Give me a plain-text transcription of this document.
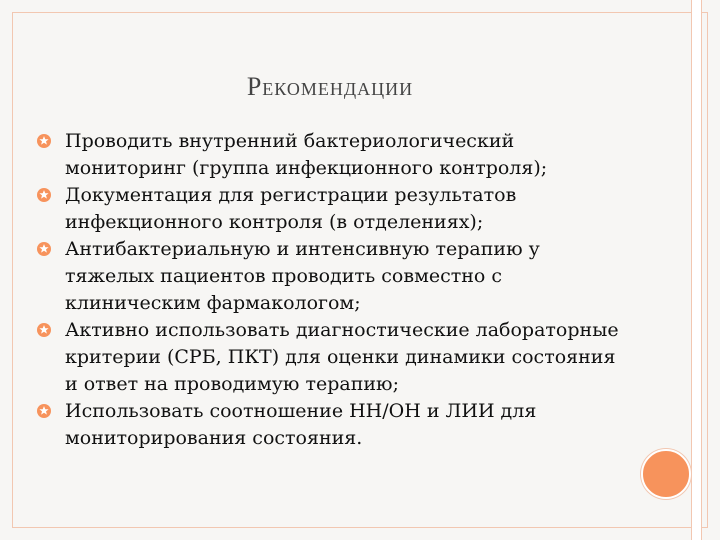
Рекомендации
Проводить внутренний бактериологический мониторинг (группа инфекционного контроля);
Документация для регистрации результатов инфекционного контроля (в отделениях);
Антибактериальную и интенсивную терапию у тяжелых пациентов проводить совместно с клиническим фармакологом;
Активно использовать диагностические лабораторные критерии (СРБ, ПКТ) для оценки динамики состояния и ответ на проводимую терапию;
Использовать соотношение НН/ОН и ЛИИ для мониторирования состояния.
